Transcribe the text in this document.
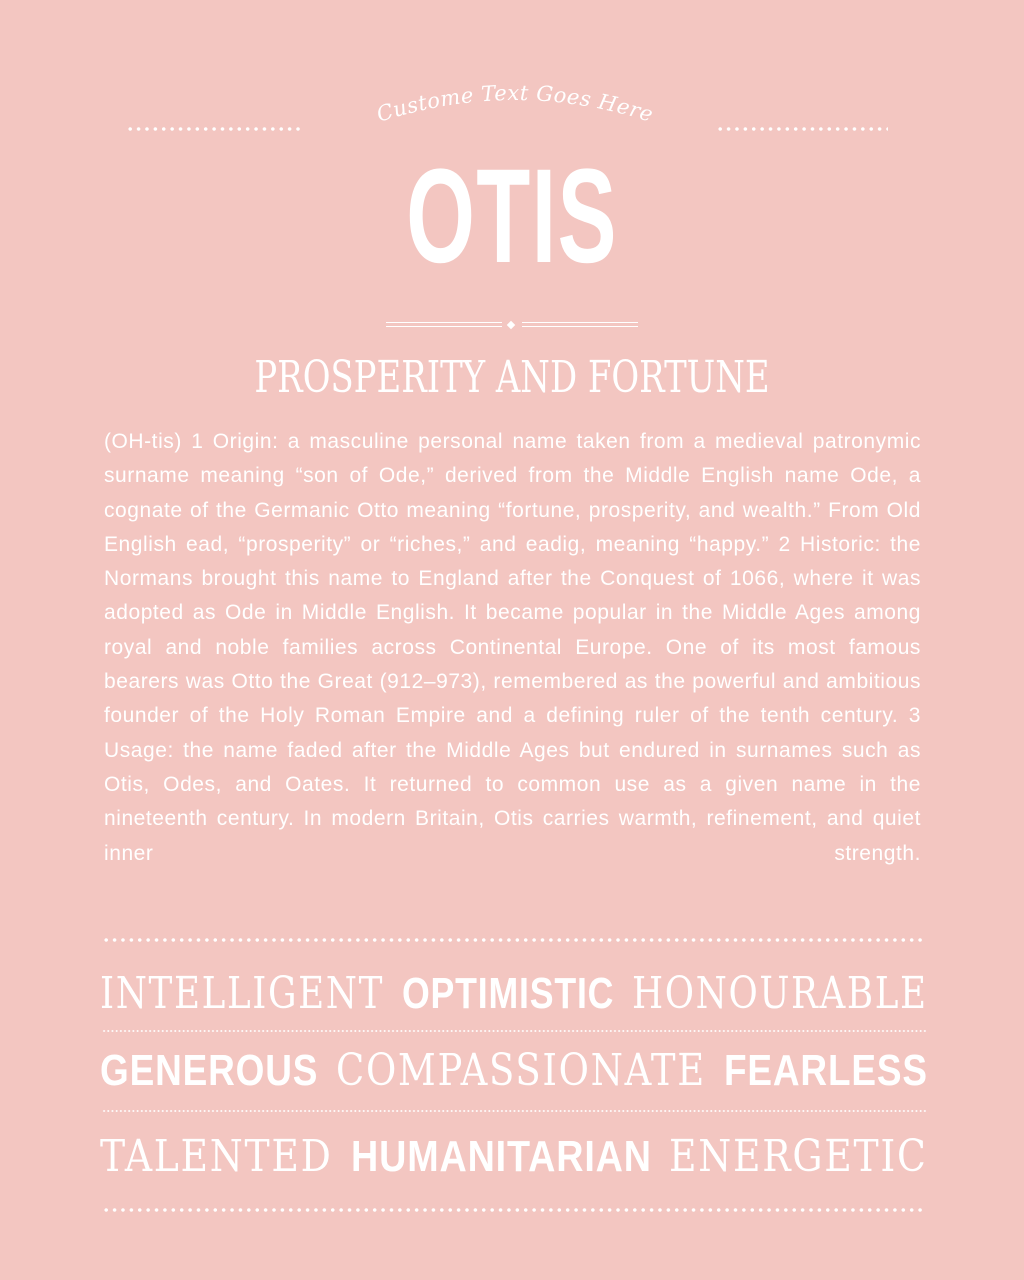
Custome Text Goes Here
OTIS
PROSPERITY AND FORTUNE
(OH-tis) 1 Origin: a masculine personal name taken from a medieval patronymic surname meaning “son of Ode,” derived from the Middle English name Ode, a cognate of the Germanic Otto meaning “fortune, prosperity, and wealth.” From Old English ead, “prosperity” or “riches,” and eadig, meaning “happy.” 2 Historic: the Normans brought this name to England after the Conquest of 1066, where it was adopted as Ode in Middle English. It became popular in the Middle Ages among royal and noble families across Continental Europe. One of its most famous bearers was Otto the Great (912–973), remembered as the powerful and ambitious founder of the Holy Roman Empire and a defining ruler of the tenth century. 3 Usage: the name faded after the Middle Ages but endured in surnames such as Otis, Odes, and Oates. It returned to common use as a given name in the nineteenth century. In modern Britain, Otis carries warmth, refinement, and quiet inner strength.
INTELLIGENT OPTIMISTIC HONOURABLE
GENEROUS COMPASSIONATE FEARLESS
TALENTED HUMANITARIAN ENERGETIC
